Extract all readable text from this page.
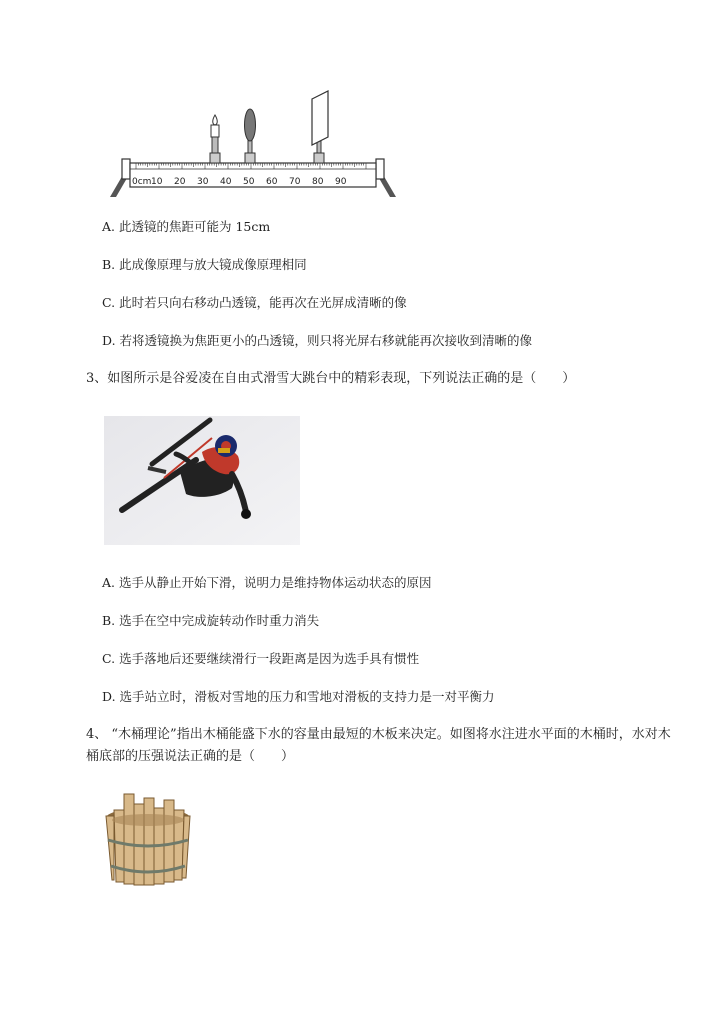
0cm 10 20 30 40 50 60 70 80 90
A. 此透镜的焦距可能为 15cm
B. 此成像原理与放大镜成像原理相同
C. 此时若只向右移动凸透镜，能再次在光屏成清晰的像
D. 若将透镜换为焦距更小的凸透镜，则只将光屏右移就能再次接收到清晰的像
3、如图所示是谷爱凌在自由式滑雪大跳台中的精彩表现，下列说法正确的是（　　）
A. 选手从静止开始下滑，说明力是维持物体运动状态的原因
B. 选手在空中完成旋转动作时重力消失
C. 选手落地后还要继续滑行一段距离是因为选手具有惯性
D. 选手站立时，滑板对雪地的压力和雪地对滑板的支持力是一对平衡力
4、 “木桶理论”指出木桶能盛下水的容量由最短的木板来决定。如图将水注进水平面的木桶时，水对木桶底部的压强说法正确的是（　　）
